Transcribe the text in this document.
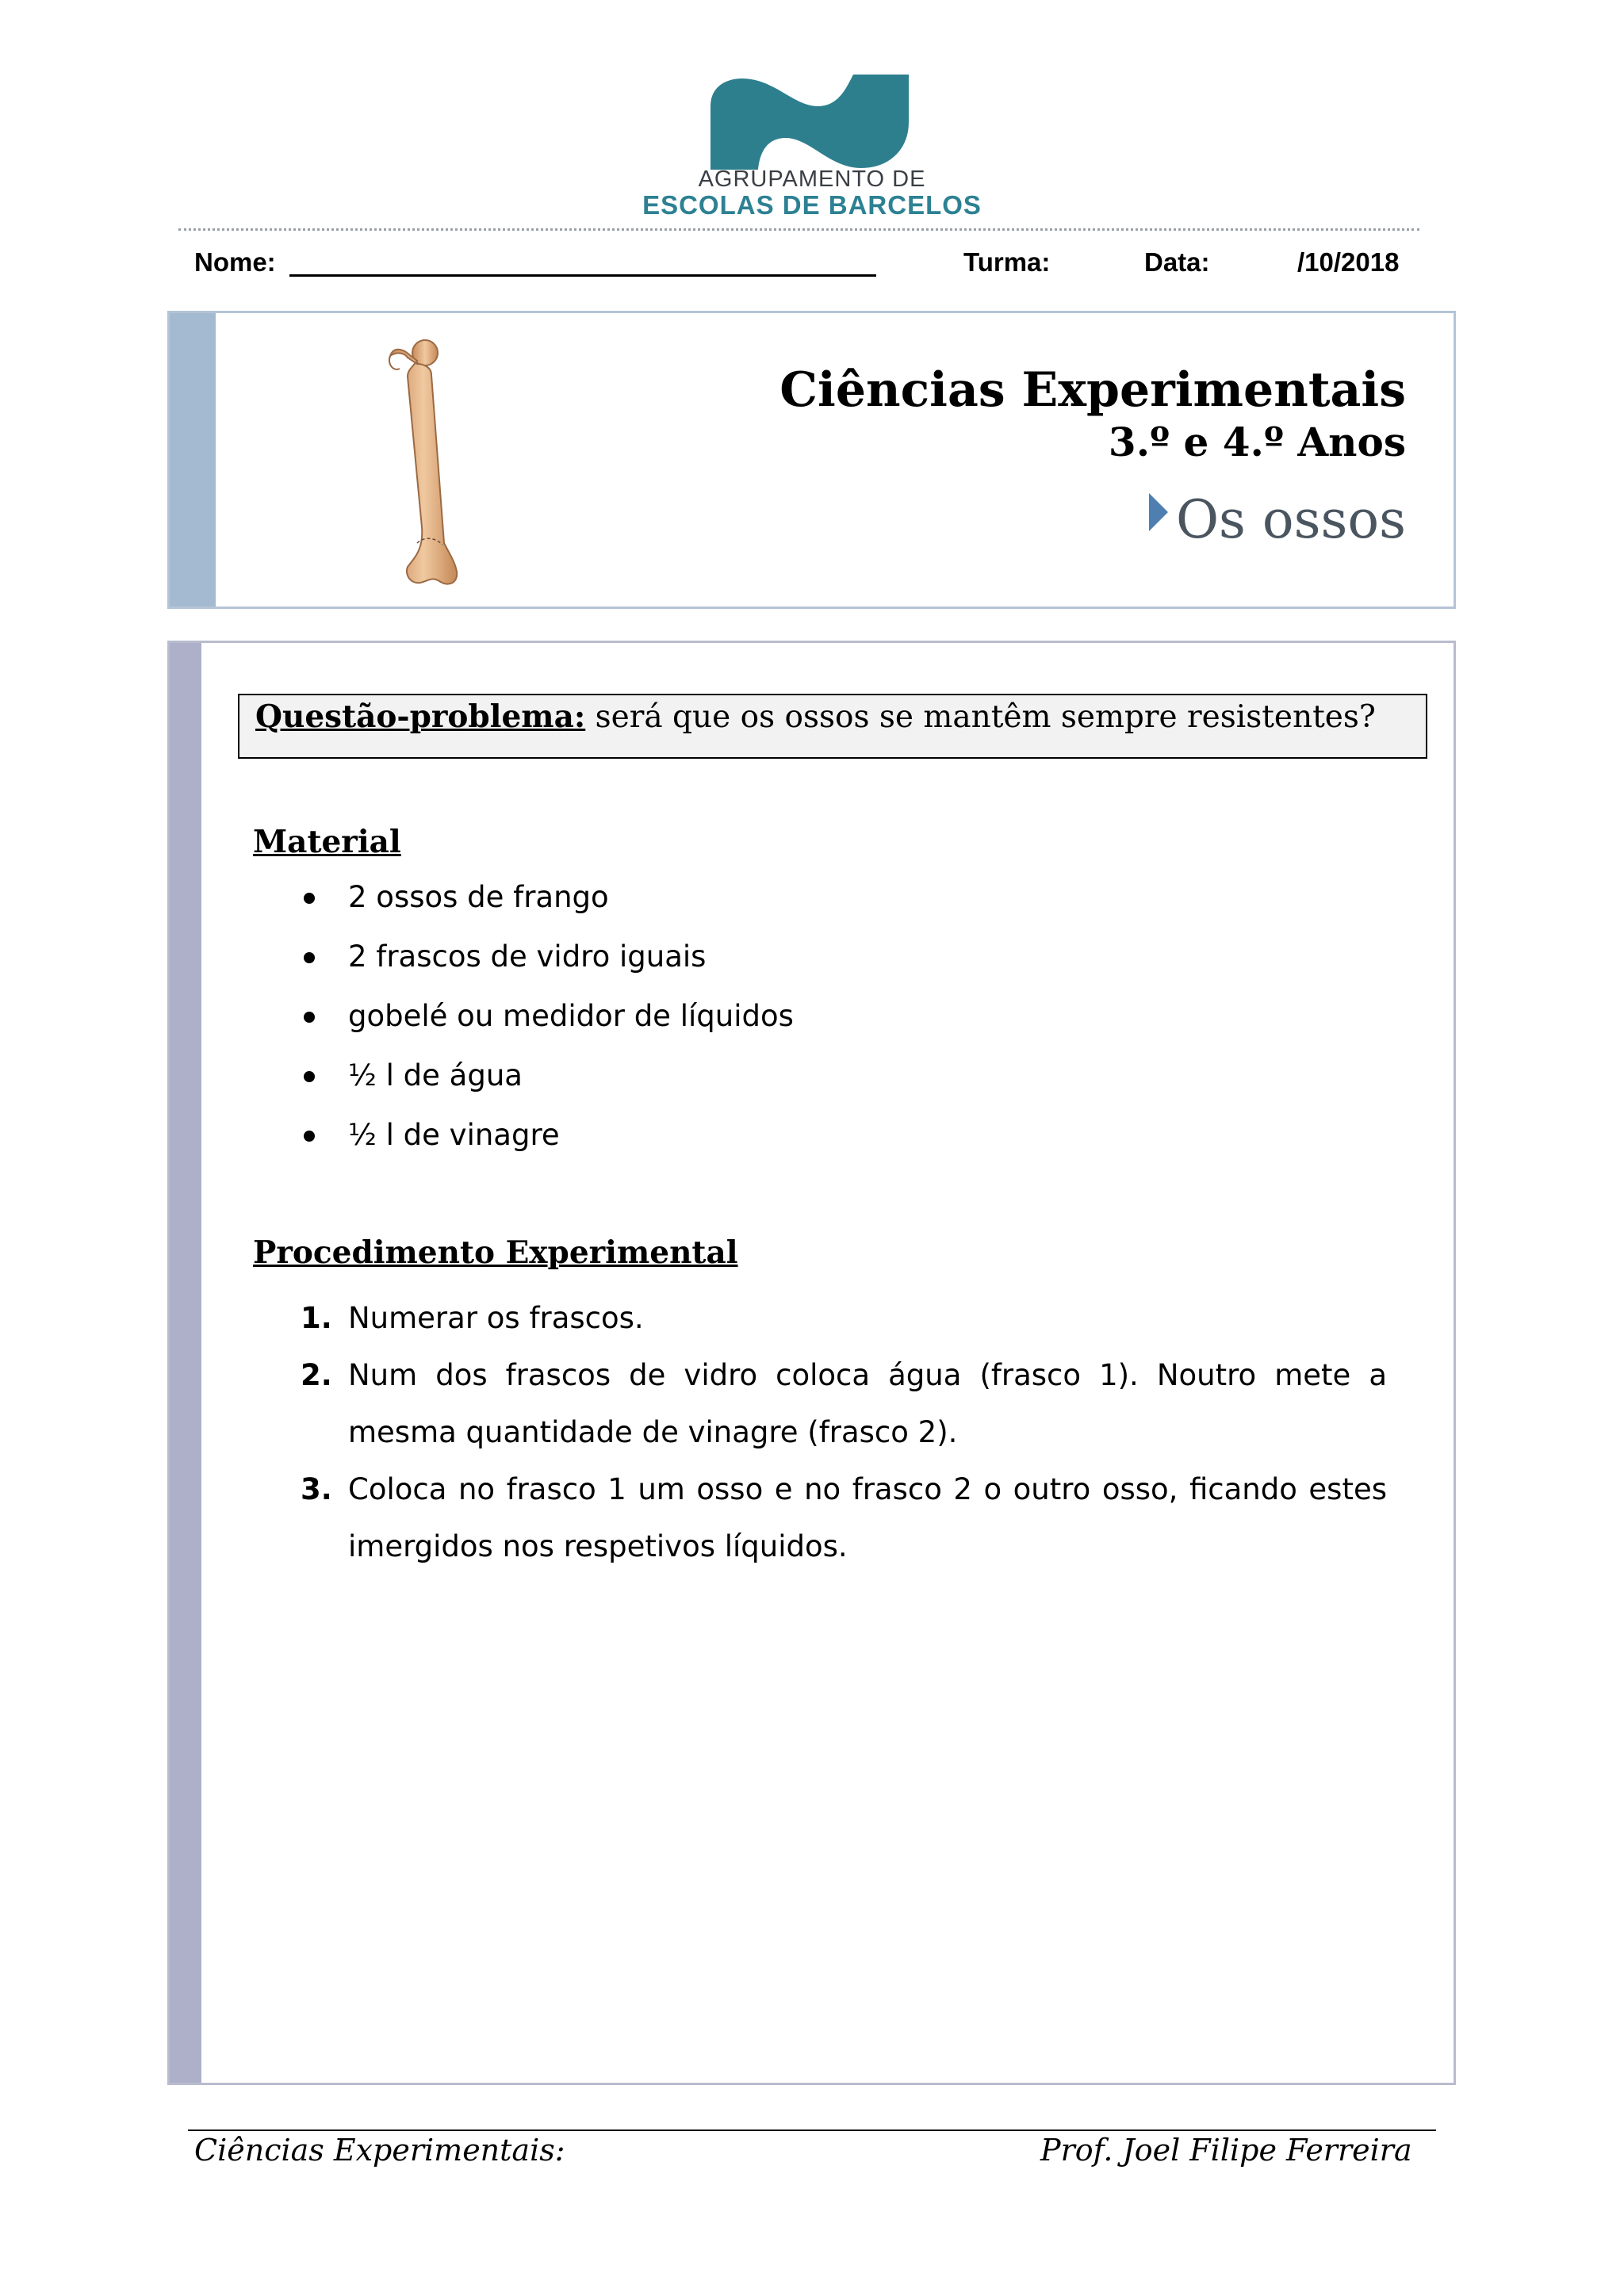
AGRUPAMENTO DE
ESCOLAS DE BARCELOS
Nome:	Turma:	Data:	/10/2018
Ciências Experimentais
3.º e 4.º Anos
Os ossos
Questão-problema: será que os ossos se mantêm sempre resistentes?
Material
2 ossos de frango
2 frascos de vidro iguais
gobelé ou medidor de líquidos
½ l de água
½ l de vinagre
Procedimento Experimental
1. Numerar os frascos.
2. Num dos frascos de vidro coloca água (frasco 1). Noutro mete a mesma quantidade de vinagre (frasco 2).
3. Coloca no frasco 1 um osso e no frasco 2 o outro osso, ficando estes imergidos nos respetivos líquidos.
Ciências Experimentais:	Prof. Joel Filipe Ferreira
